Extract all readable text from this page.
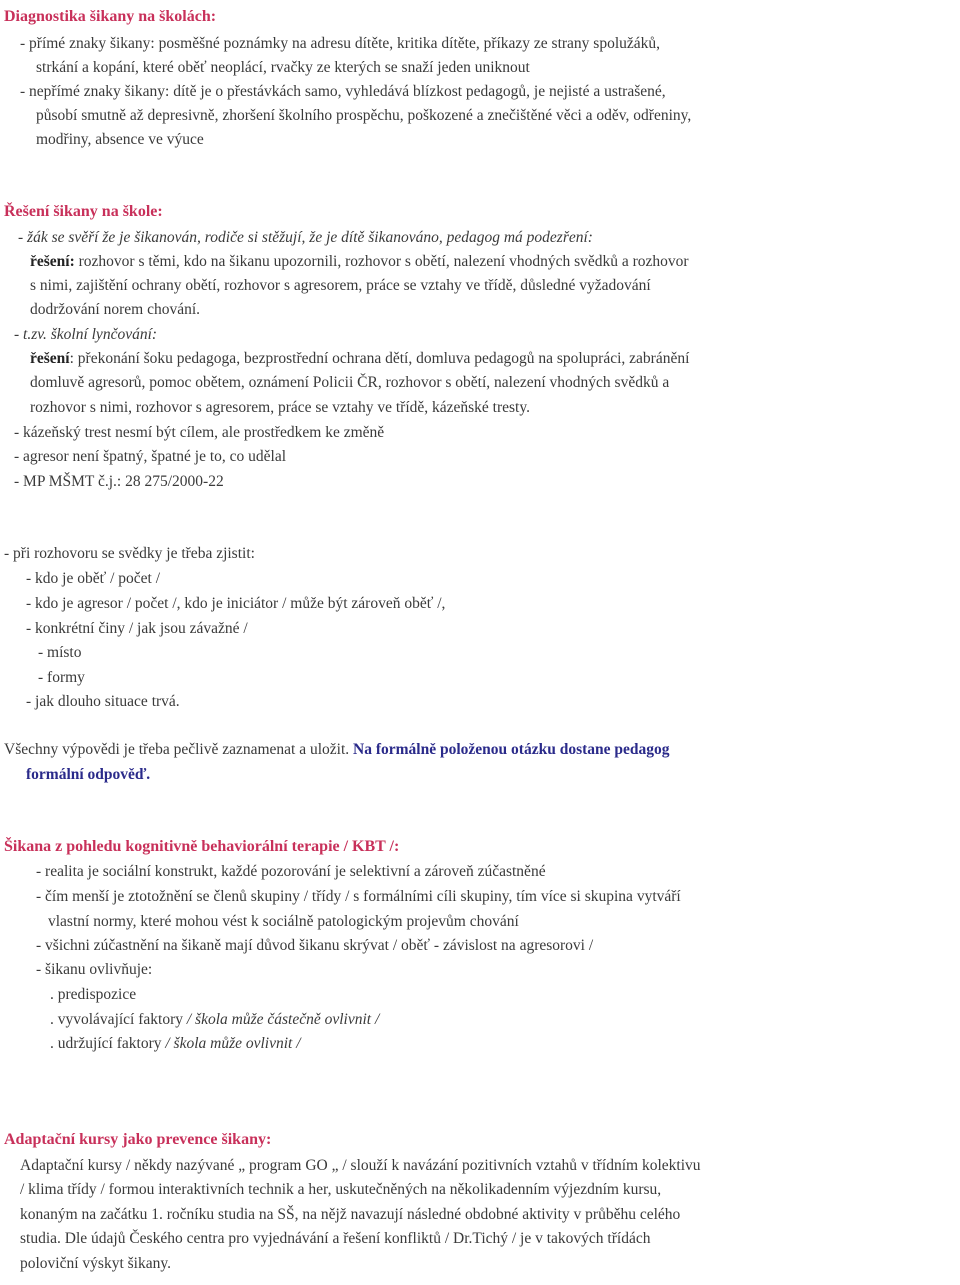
Diagnostika šikany na školách:
- přímé znaky šikany: posměšné poznámky na adresu dítěte, kritika dítěte, příkazy ze strany spolužáků,
strkání a kopání, které oběť neoplácí, rvačky ze kterých se snaží jeden uniknout
- nepřímé znaky šikany: dítě je o přestávkách samo, vyhledává blízkost pedagogů, je nejisté a ustrašené,
působí smutně až depresivně, zhoršení školního prospěchu, poškozené a znečištěné věci a oděv, odřeniny,
modřiny, absence ve výuce
Řešení šikany na škole:
- žák se svěří že je šikanován, rodiče si stěžují, že je dítě šikanováno, pedagog má podezření:
řešení: rozhovor s těmi, kdo na šikanu upozornili, rozhovor s obětí, nalezení vhodných svědků a rozhovor
s nimi, zajištění ochrany obětí, rozhovor s agresorem, práce se vztahy ve třídě, důsledné vyžadování
dodržování norem chování.
- t.zv. školní lynčování:
řešení: překonání šoku pedagoga, bezprostřední ochrana dětí, domluva pedagogů na spolupráci, zabránění
domluvě agresorů, pomoc obětem, oznámení Policii ČR, rozhovor s obětí, nalezení vhodných svědků a
rozhovor s nimi, rozhovor s agresorem, práce se vztahy ve třídě, kázeňské tresty.
- kázeňský trest nesmí být cílem, ale prostředkem ke změně
- agresor není špatný, špatné je to, co udělal
- MP MŠMT č.j.: 28 275/2000-22
- při rozhovoru se svědky je třeba zjistit:
- kdo je oběť / počet /
- kdo je agresor / počet /, kdo je iniciátor / může být zároveň oběť /,
- konkrétní činy / jak jsou závažné /
- místo
- formy
- jak dlouho situace trvá.
Všechny výpovědi je třeba pečlivě zaznamenat a uložit. Na formálně položenou otázku dostane pedagog
formální odpověď.
Šikana z pohledu kognitivně behaviorální terapie / KBT /:
- realita je sociální konstrukt, každé pozorování je selektivní a zároveň zúčastněné
- čím menší je ztotožnění se členů skupiny / třídy / s formálními cíli skupiny, tím více si skupina vytváří
vlastní normy, které mohou vést k sociálně patologickým projevům chování
- všichni zúčastnění na šikaně mají důvod šikanu skrývat / oběť - závislost na agresorovi /
- šikanu ovlivňuje:
. predispozice
. vyvolávající faktory / škola může částečně ovlivnit /
. udržující faktory / škola může ovlivnit /
Adaptační kursy jako prevence šikany:
Adaptační kursy / někdy nazývané „ program GO „ / slouží k navázání pozitivních vztahů v třídním kolektivu
/ klima třídy / formou interaktivních technik a her, uskutečněných na několikadenním výjezdním kursu,
konaným na začátku 1. ročníku studia na SŠ, na nějž navazují následné obdobné aktivity v průběhu celého
studia. Dle údajů Českého centra pro vyjednávání a řešení konfliktů / Dr.Tichý / je v takových třídách
poloviční výskyt šikany.
